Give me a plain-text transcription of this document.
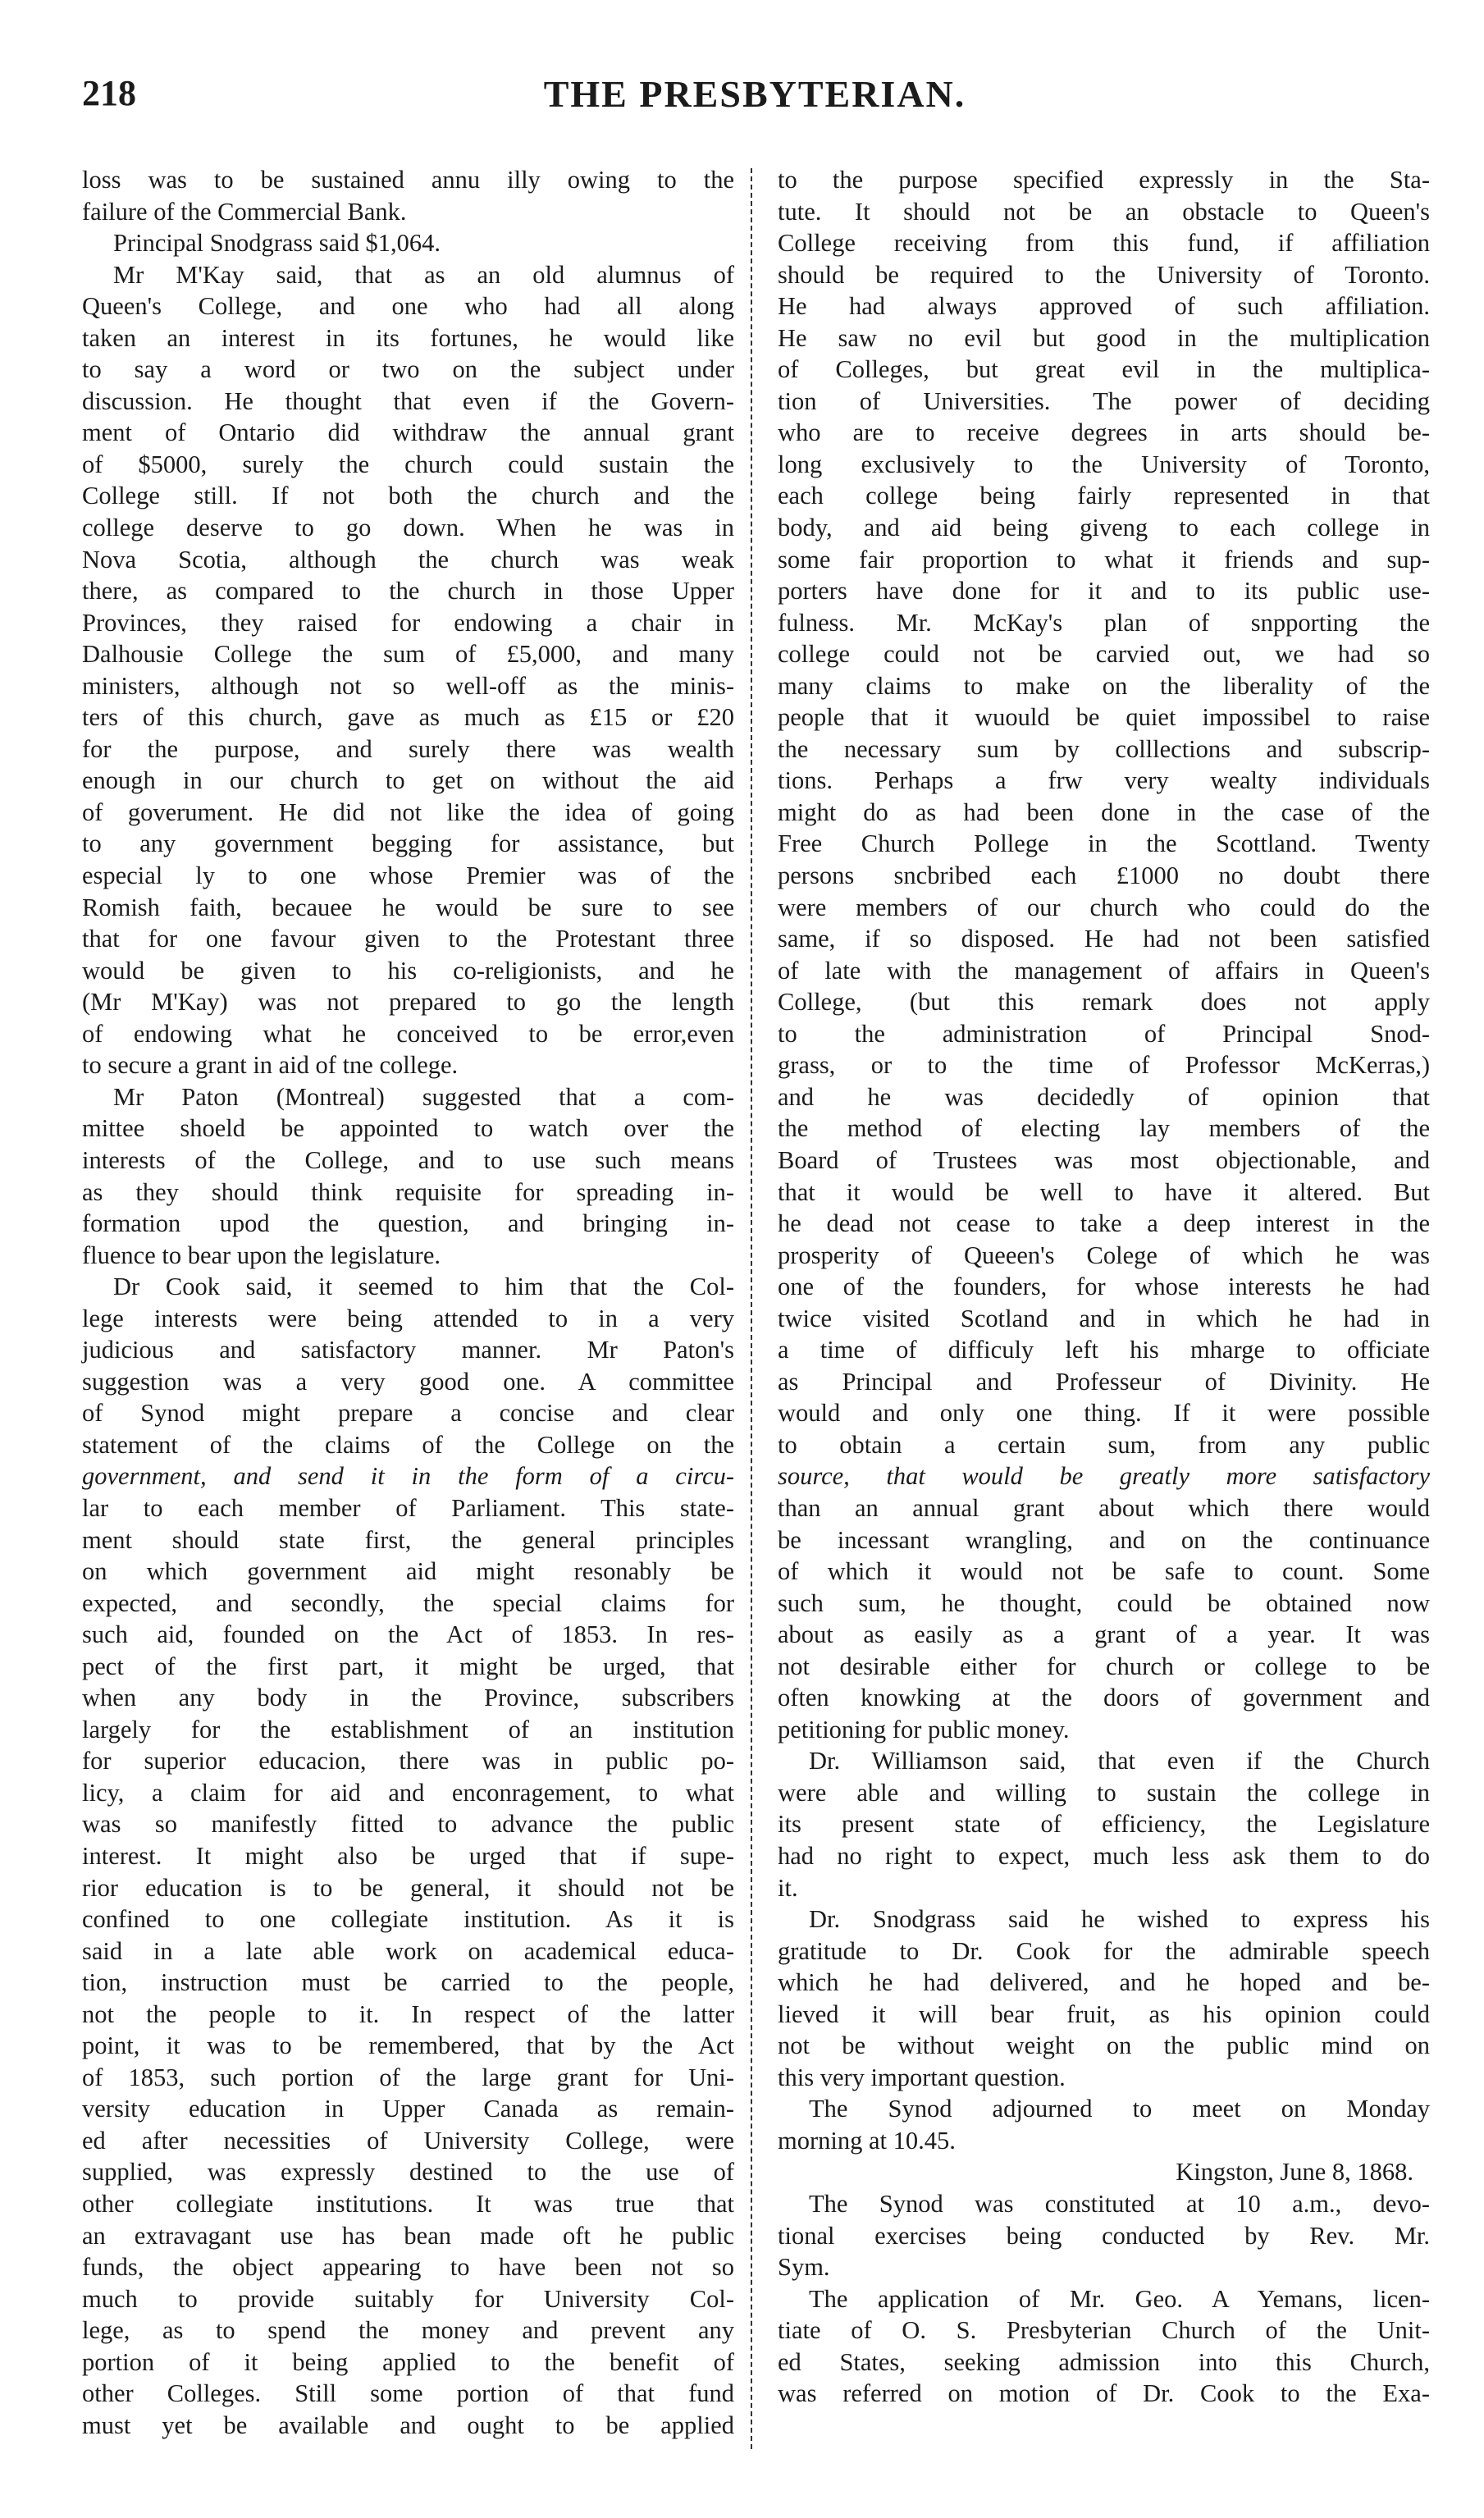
218	THE PRESBYTERIAN.
loss was to be sustained annu illy owing to the
failure of the Commercial Bank.
Principal Snodgrass said $1,064.
Mr M'Kay said, that as an old alumnus of
Queen's College, and one who had all along
taken an interest in its fortunes, he would like
to say a word or two on the subject under
discussion. He thought that even if the Govern-
ment of Ontario did withdraw the annual grant
of $5000, surely the church could sustain the
College still. If not both the church and the
college deserve to go down. When he was in
Nova Scotia, although the church was weak
there, as compared to the church in those Upper
Provinces, they raised for endowing a chair in
Dalhousie College the sum of £5,000, and many
ministers, although not so well-off as the minis-
ters of this church, gave as much as £15 or £20
for the purpose, and surely there was wealth
enough in our church to get on without the aid
of goverument. He did not like the idea of going
to any government begging for assistance, but
especial ly to one whose Premier was of the
Romish faith, becauee he would be sure to see
that for one favour given to the Protestant three
would be given to his co-religionists, and he
(Mr M'Kay) was not prepared to go the length
of endowing what he conceived to be error,even
to secure a grant in aid of tne college.
Mr Paton (Montreal) suggested that a com-
mittee shoeld be appointed to watch over the
interests of the College, and to use such means
as they should think requisite for spreading in-
formation upod the question, and bringing in-
fluence to bear upon the legislature.
Dr Cook said, it seemed to him that the Col-
lege interests were being attended to in a very
judicious and satisfactory manner. Mr Paton's
suggestion was a very good one. A committee
of Synod might prepare a concise and clear
statement of the claims of the College on the
government, and send it in the form of a circu-
lar to each member of Parliament. This state-
ment should state first, the general principles
on which government aid might resonably be
expected, and secondly, the special claims for
such aid, founded on the Act of 1853. In res-
pect of the first part, it might be urged, that
when any body in the Province, subscribers
largely for the establishment of an institution
for superior educacion, there was in public po-
licy, a claim for aid and enconragement, to what
was so manifestly fitted to advance the public
interest. It might also be urged that if supe-
rior education is to be general, it should not be
confined to one collegiate institution. As it is
said in a late able work on academical educa-
tion, instruction must be carried to the people,
not the people to it. In respect of the latter
point, it was to be remembered, that by the Act
of 1853, such portion of the large grant for Uni-
versity education in Upper Canada as remain-
ed after necessities of University College, were
supplied, was expressly destined to the use of
other collegiate institutions. It was true that
an extravagant use has bean made oft he public
funds, the object appearing to have been not so
much to provide suitably for University Col-
lege, as to spend the money and prevent any
portion of it being applied to the benefit of
other Colleges. Still some portion of that fund
must yet be available and ought to be applied
to the purpose specified expressly in the Sta-
tute. It should not be an obstacle to Queen's
College receiving from this fund, if affiliation
should be required to the University of Toronto.
He had always approved of such affiliation.
He saw no evil but good in the multiplication
of Colleges, but great evil in the multiplica-
tion of Universities. The power of deciding
who are to receive degrees in arts should be-
long exclusively to the University of Toronto,
each college being fairly represented in that
body, and aid being giveng to each college in
some fair proportion to what it friends and sup-
porters have done for it and to its public use-
fulness. Mr. McKay's plan of snpporting the
college could not be carvied out, we had so
many claims to make on the liberality of the
people that it wuould be quiet impossibel to raise
the necessary sum by colllections and subscrip-
tions. Perhaps a frw very wealty individuals
might do as had been done in the case of the
Free Church Pollege in the Scottland. Twenty
persons sncbribed each £1000 no doubt there
were members of our church who could do the
same, if so disposed. He had not been satisfied
of late with the management of affairs in Queen's
College, (but this remark does not apply
to the administration of Principal Snod-
grass, or to the time of Professor McKerras,)
and he was decidedly of opinion that
the method of electing lay members of the
Board of Trustees was most objectionable, and
that it would be well to have it altered. But
he dead not cease to take a deep interest in the
prosperity of Queeen's Colege of which he was
one of the founders, for whose interests he had
twice visited Scotland and in which he had in
a time of difficuly left his mharge to officiate
as Principal and Professeur of Divinity. He
would and only one thing. If it were possible
to obtain a certain sum, from any public
source, that would be greatly more satisfactory
than an annual grant about which there would
be incessant wrangling, and on the continuance
of which it would not be safe to count. Some
such sum, he thought, could be obtained now
about as easily as a grant of a year. It was
not desirable either for church or college to be
often knowking at the doors of government and
petitioning for public money.
Dr. Williamson said, that even if the Church
were able and willing to sustain the college in
its present state of efficiency, the Legislature
had no right to expect, much less ask them to do
it.
Dr. Snodgrass said he wished to express his
gratitude to Dr. Cook for the admirable speech
which he had delivered, and he hoped and be-
lieved it will bear fruit, as his opinion could
not be without weight on the public mind on
this very important question.
The Synod adjourned to meet on Monday
morning at 10.45.
Kingston, June 8, 1868.
The Synod was constituted at 10 a.m., devo-
tional exercises being conducted by Rev. Mr.
Sym.
The application of Mr. Geo. A Yemans, licen-
tiate of O. S. Presbyterian Church of the Unit-
ed States, seeking admission into this Church,
was referred on motion of Dr. Cook to the Exa-
